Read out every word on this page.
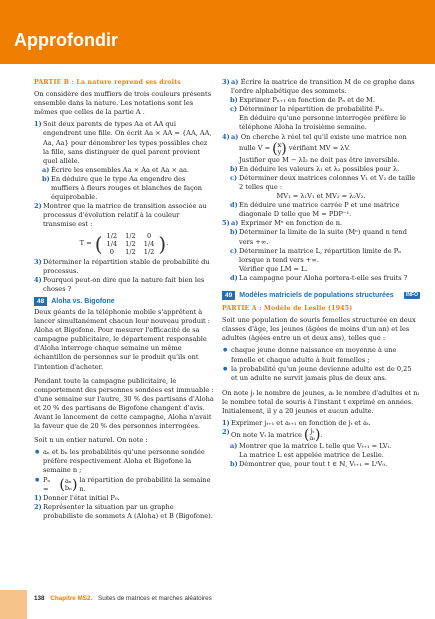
Approfondir
PARTIE B : La nature reprend ses droits
On considère des muffiers de trois couleurs présents ensemble dans la nature. Les notations sont les mêmes que celles de la partie A .
1) Soit deux parents de types Aa et AA qui engendrent une fille. On écrit Aa × AA = {AA, AA, Aa, Aa} pour dénombrer les types possibles chez la fille, sans distinguer de quel parent provient quel allèle.
a) Écrire les ensembles Aa × Aa et Aa × aa.
b) En déduire que le type Aa engendre des muffiers à fleurs rouges et blanches de façon équiprobable.
2) Montrer que la matrice de transition associée au processus d'évolution relatif à la couleur transmise est :
T = ( 1/2	1/2	0
1/4	1/2	1/4
0	1/2	1/2 ) .
3) Déterminer la répartition stable de probabilité du processus.
4) Pourquoi peut-on dire que la nature fait bien les choses ?
48	Aloha vs. Bigofone
Deux géants de la téléphonie mobile s'apprêtent à lancer simultanément chacun leur nouveau produit : Aloha et Bigofone. Pour mesurer l'efficacité de sa campagne publicitaire, le département responsable d'Aloha interroge chaque semaine un même échantillon de personnes sur le produit qu'ils ont l'intention d'acheter.
Pendant toute la campagne publicitaire, le comportement des personnes sondées est immuable : d'une semaine sur l'autre, 30 % des partisans d'Aloha et 20 % des partisans de Bigofone changent d'avis. Avant le lancement de cette campagne, Aloha n'avait la faveur que de 20 % des personnes interrogées.
Soit n un entier naturel. On note :
● aₙ et bₙ les probabilités qu'une personne sondée préfère respectivement Aloha et Bigofone la semaine n ;
● Pₙ = ( aₙ
bₙ ) la répartition de probabilité la semaine n.
1) Donner l'état initial P₀.
2) Représenter la situation par un graphe probabiliste de sommets A (Aloha) et B (Bigofone).
3) a) Écrire la matrice de transition M de ce graphe dans l'ordre alphabétique des sommets.
b) Exprimer Pₙ₊₁ en fonction de Pₙ et de M.
c) Déterminer la répartition de probabilité P₃.
En déduire qu'une personne interrogée préfère le téléphone Aloha la troisième semaine.
4) a) On cherche λ réel tel qu'il existe une matrice non
nulle V = ( x
y ) vérifiant MV = λV.
Justifier que M − λI₂ ne doit pas être inversible.
b) En déduire les valeurs λ₁ et λ₂ possibles pour λ.
c) Déterminer deux matrices colonnes V₁ et V₂ de taille 2 telles que :
MV₁ = λ₁V₁ et MV₂ = λ₂V₂.
d) En déduire une matrice carrée P et une matrice diagonale D telle que M = PDP⁻¹.
5) a) Exprimer Mⁿ en fonction de n.
b) Déterminer la limite de la suite (Mⁿ) quand n tend vers +∞.
c) Déterminer la matrice L, répartition limite de Pₙ lorsque n tend vers +∞.
Vérifier que LM = L.
d) La campagne pour Aloha portera-t-elle ses fruits ?
49	Modèles matriciels de populations structurées	INFO
PARTIE A : Modèle de Leslie (1945)
Soit une population de souris femelles structurée en deux classes d'âge, les jeunes (âgées de moins d'un an) et les adultes (âgées entre un et deux ans), telles que :
● chaque jeune donne naissance en moyenne à une femelle et chaque adulte à huit femelles ;
● la probabilité qu'un jeune devienne adulte est de 0,25 et un adulte ne survit jamais plus de deux ans.
On note jₜ le nombre de jeunes, aₜ le nombre d'adultes et nₜ le nombre total de souris à l'instant t exprimé en années. Initialement, il y a 20 jeunes et aucun adulte.
1) Exprimer jₜ₊₁ et aₜ₊₁ en fonction de jₜ et aₜ.
2) On note Vₜ la matrice ( jₜ
aₜ ) .
a) Montrer que la matrice L telle que Vₜ₊₁ = LVₜ.
La matrice L est appelée matrice de Leslie.
b) Démontrer que, pour tout t ∈ ℕ, Vₜ₊₁ = LᵗV₀.
138 Chapitre MS2. Suites de matrices et marches aléatoires
